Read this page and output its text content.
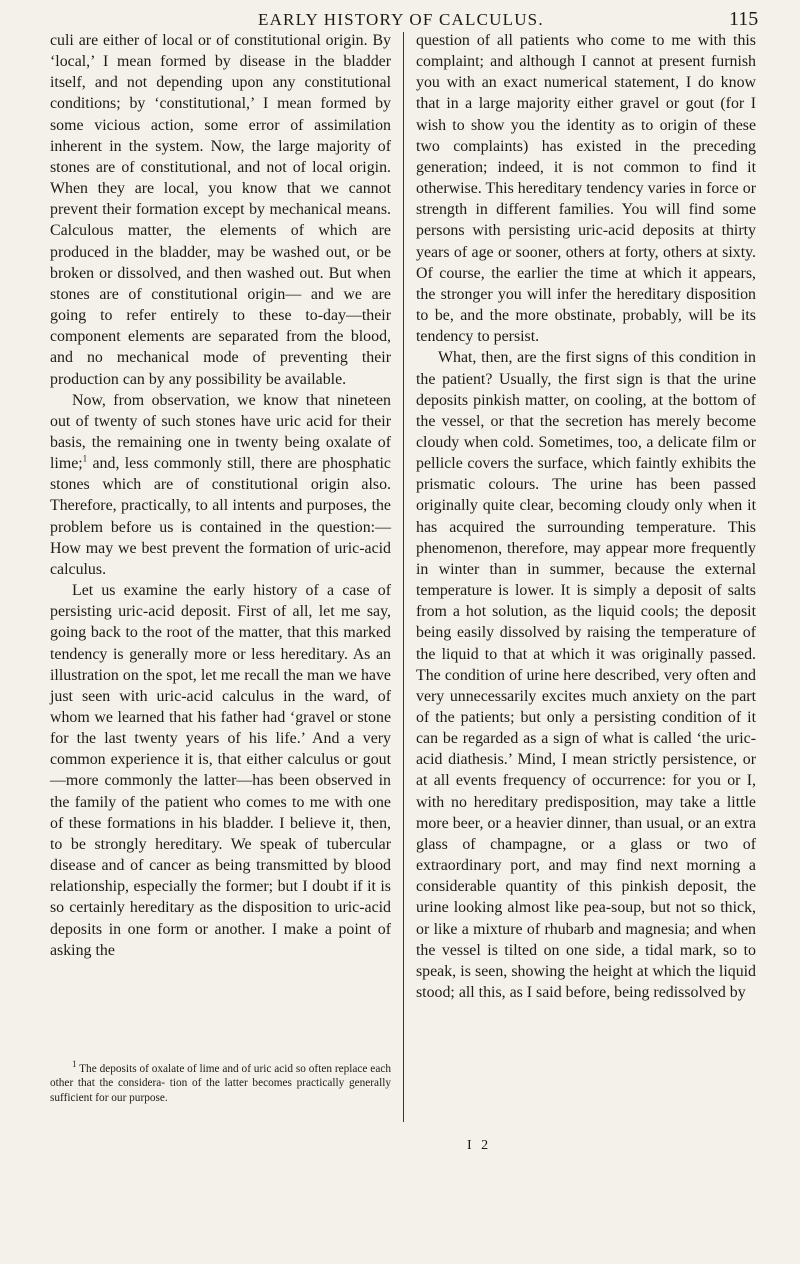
EARLY HISTORY OF CALCULUS.	115

culi are either of local or of constitutional origin. By ‘local,’ I mean formed by disease in the bladder itself, and not depending upon any constitutional conditions; by ‘constitutional,’ I mean formed by some vicious action, some error of assimilation inherent in the system. Now, the large majority of stones are of constitutional, and not of local origin. When they are local, you know that we cannot prevent their formation except by mechanical means. Calculous matter, the elements of which are produced in the bladder, may be washed out, or be broken or dissolved, and then washed out. But when stones are of constitutional origin— and we are going to refer entirely to these to-day—their component elements are separated from the blood, and no mechanical mode of preventing their production can by any possibility be available.

Now, from observation, we know that nineteen out of twenty of such stones have uric acid for their basis, the remaining one in twenty being oxalate of lime;$^1$ and, less commonly still, there are phosphatic stones which are of constitutional origin also. Therefore, practically, to all intents and purposes, the problem before us is contained in the question:— How may we best prevent the formation of uric-acid calculus.

Let us examine the early history of a case of persisting uric-acid deposit. First of all, let me say, going back to the root of the matter, that this marked tendency is generally more or less hereditary. As an illustration on the spot, let me recall the man we have just seen with uric-acid calculus in the ward, of whom we learned that his father had ‘gravel or stone for the last twenty years of his life.’ And a very common experience it is, that either calculus or gout—more commonly the latter—has been observed in the family of the patient who comes to me with one of these formations in his bladder. I believe it, then, to be strongly hereditary. We speak of tubercular disease and of cancer as being transmitted by blood relationship, especially the former; but I doubt if it is so certainly hereditary as the disposition to uric-acid deposits in one form or another. I make a point of asking the

$^1$ The deposits of oxalate of lime and of uric acid so often replace each other that the considera- tion of the latter becomes practically generally sufficient for our purpose.

question of all patients who come to me with this complaint; and although I cannot at present furnish you with an exact numerical statement, I do know that in a large majority either gravel or gout (for I wish to show you the identity as to origin of these two complaints) has existed in the preceding generation; indeed, it is not common to find it otherwise. This hereditary tendency varies in force or strength in different families. You will find some persons with persisting uric-acid deposits at thirty years of age or sooner, others at forty, others at sixty. Of course, the earlier the time at which it appears, the stronger you will infer the hereditary disposition to be, and the more obstinate, probably, will be its tendency to persist.

What, then, are the first signs of this condition in the patient? Usually, the first sign is that the urine deposits pinkish matter, on cooling, at the bottom of the vessel, or that the secretion has merely become cloudy when cold. Sometimes, too, a delicate film or pellicle covers the surface, which faintly exhibits the prismatic colours. The urine has been passed originally quite clear, becoming cloudy only when it has acquired the surrounding temperature. This phenomenon, therefore, may appear more frequently in winter than in summer, because the external temperature is lower. It is simply a deposit of salts from a hot solution, as the liquid cools; the deposit being easily dissolved by raising the temperature of the liquid to that at which it was originally passed. The condition of urine here described, very often and very unnecessarily excites much anxiety on the part of the patients; but only a persisting condition of it can be regarded as a sign of what is called ‘the uric-acid diathesis.’ Mind, I mean strictly persistence, or at all events frequency of occurrence: for you or I, with no hereditary predisposition, may take a little more beer, or a heavier dinner, than usual, or an extra glass of champagne, or a glass or two of extraordinary port, and may find next morning a considerable quantity of this pinkish deposit, the urine looking almost like pea-soup, but not so thick, or like a mixture of rhubarb and magnesia; and when the vessel is tilted on one side, a tidal mark, so to speak, is seen, showing the height at which the liquid stood; all this, as I said before, being redissolved by

I 2
